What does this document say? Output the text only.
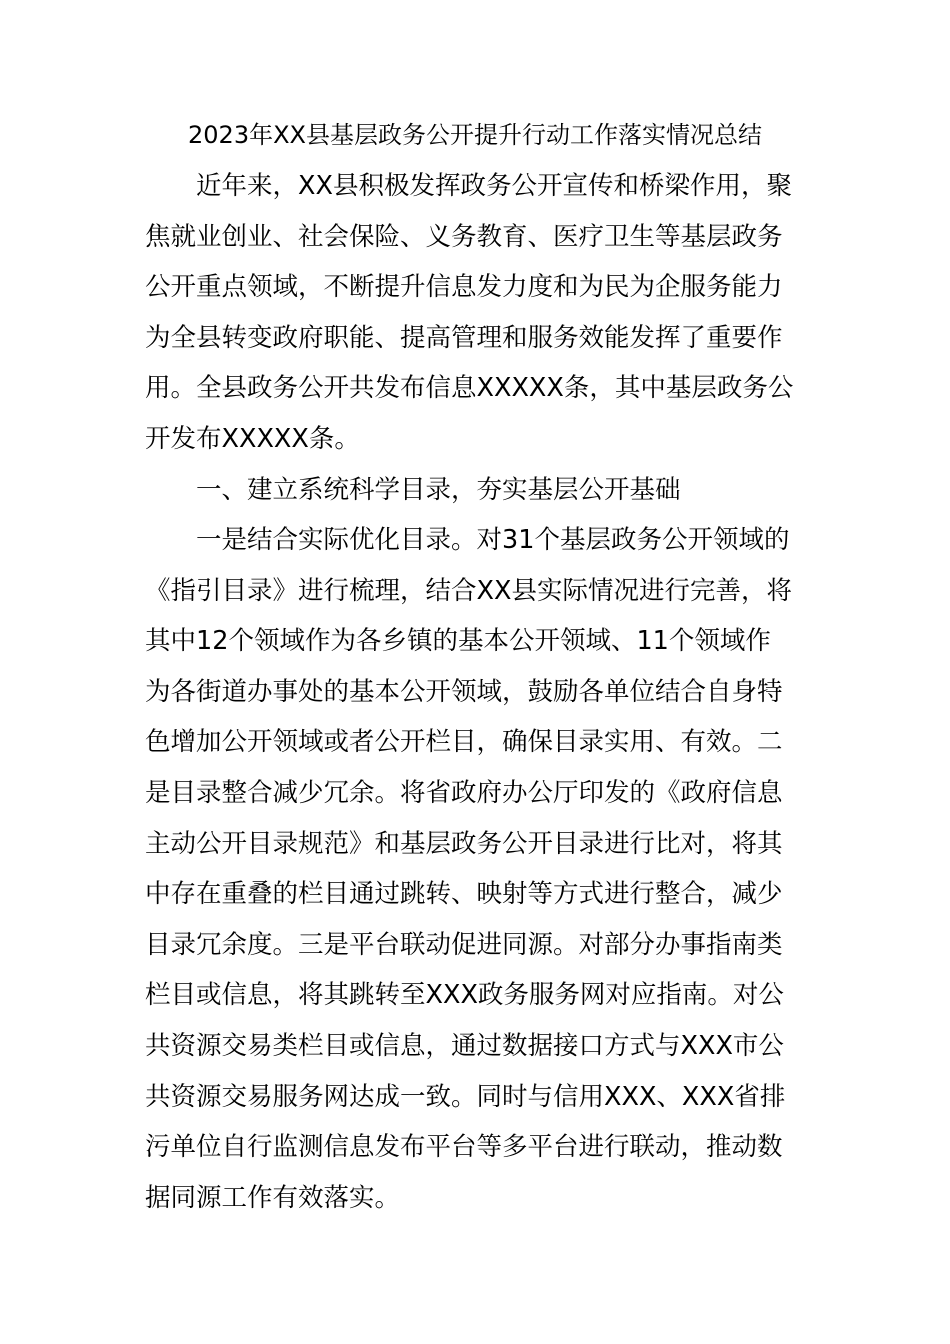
2023年XX县基层政务公开提升行动工作落实情况总结
　　近年来，XX县积极发挥政务公开宣传和桥梁作用，聚
焦就业创业、社会保险、义务教育、医疗卫生等基层政务
公开重点领域，不断提升信息发力度和为民为企服务能力
为全县转变政府职能、提高管理和服务效能发挥了重要作
用。全县政务公开共发布信息XXXXX条，其中基层政务公
开发布XXXXX条。
　　一、建立系统科学目录，夯实基层公开基础
　　一是结合实际优化目录。对31个基层政务公开领域的
《指引目录》进行梳理，结合XX县实际情况进行完善，将
其中12个领域作为各乡镇的基本公开领域、11个领域作
为各街道办事处的基本公开领域，鼓励各单位结合自身特
色增加公开领域或者公开栏目，确保目录实用、有效。二
是目录整合减少冗余。将省政府办公厅印发的《政府信息
主动公开目录规范》和基层政务公开目录进行比对，将其
中存在重叠的栏目通过跳转、映射等方式进行整合，减少
目录冗余度。三是平台联动促进同源。对部分办事指南类
栏目或信息，将其跳转至XXX政务服务网对应指南。对公
共资源交易类栏目或信息，通过数据接口方式与XXX市公
共资源交易服务网达成一致。同时与信用XXX、XXX省排
污单位自行监测信息发布平台等多平台进行联动，推动数
据同源工作有效落实。
